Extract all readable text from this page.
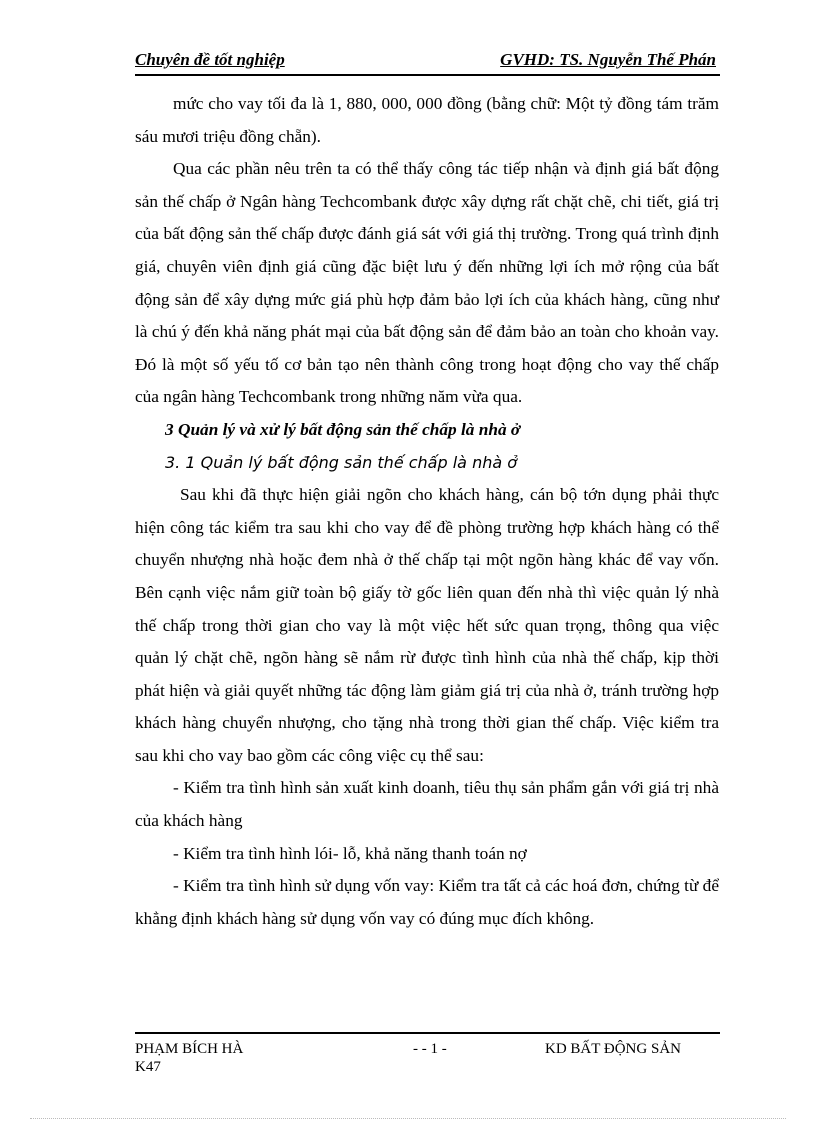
Chuyên đề tốt nghiệp	GVHD: TS. Nguyễn Thế Phán

mức cho vay tối đa là 1, 880, 000, 000 đồng (bằng chữ: Một tỷ đồng tám trăm sáu mươi triệu đồng chẵn).

Qua các phần nêu trên ta có thể thấy công tác tiếp nhận và định giá bất động sản thế chấp ở Ngân hàng Techcombank được xây dựng rất chặt chẽ, chi tiết, giá trị của bất động sản thế chấp được đánh giá sát với giá thị trường. Trong quá trình định giá, chuyên viên định giá cũng đặc biệt lưu ý đến những lợi ích mở rộng của bất động sản để xây dựng mức giá phù hợp đảm bảo lợi ích của khách hàng, cũng như là chú ý đến khả năng phát mại của bất động sản để đảm bảo an toàn cho khoản vay. Đó là một số yếu tố cơ bản tạo nên thành công trong hoạt động cho vay thế chấp của ngân hàng Techcombank trong những năm vừa qua.

3 Quản lý và xử lý bất động sản thế chấp là nhà ở

3. 1 Quản lý bất động sản thế chấp là nhà ở

Sau khi đã thực hiện giải ngõn cho khách hàng, cán bộ tớn dụng phải thực hiện công tác kiểm tra sau khi cho vay để đề phòng trường hợp khách hàng có thể chuyển nhượng nhà hoặc đem nhà ở thế chấp tại một ngõn hàng khác để vay vốn. Bên cạnh việc nắm giữ toàn bộ giấy tờ gốc liên quan đến nhà thì việc quản lý nhà thế chấp trong thời gian cho vay là một việc hết sức quan trọng, thông qua việc quản lý chặt chẽ, ngõn hàng sẽ nắm rừ được tình hình của nhà thế chấp, kịp thời phát hiện và giải quyết những tác động làm giảm giá trị của nhà ở, tránh trường hợp khách hàng chuyển nhượng, cho tặng nhà trong thời gian thế chấp. Việc kiểm tra sau khi cho vay bao gồm các công việc cụ thể sau:

- Kiểm tra tình hình sản xuất kinh doanh, tiêu thụ sản phẩm gắn với giá trị nhà của khách hàng

- Kiểm tra tình hình lói- lỗ, khả năng thanh toán nợ

- Kiểm tra tình hình sử dụng vốn vay: Kiểm tra tất cả các hoá đơn, chứng từ để khẳng định khách hàng sử dụng vốn vay có đúng mục đích không.

PHẠM BÍCH HÀ
K47
- - 1 -	KD BẤT ĐỘNG SẢN
